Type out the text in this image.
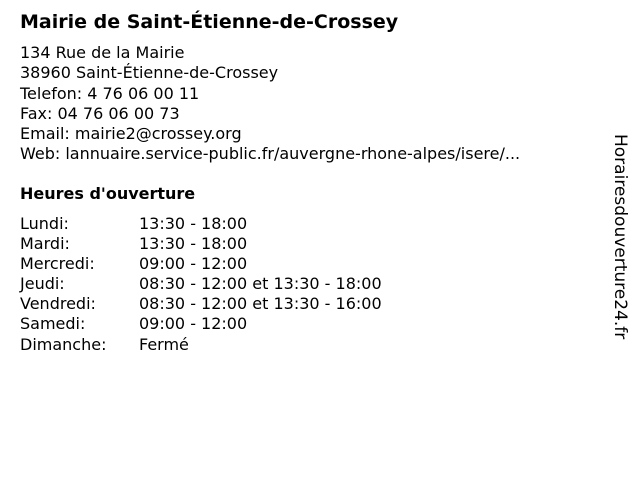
Mairie de Saint-Étienne-de-Crossey
134 Rue de la Mairie
38960 Saint-Étienne-de-Crossey
Telefon: 4 76 06 00 11
Fax: 04 76 06 00 73
Email: mairie2@crossey.org
Web: lannuaire.service-public.fr/auvergne-rhone-alpes/isere/...
Heures d'ouverture
Lundi:	13:30 - 18:00
Mardi:	13:30 - 18:00
Mercredi:	09:00 - 12:00
Jeudi:	08:30 - 12:00 et 13:30 - 18:00
Vendredi:	08:30 - 12:00 et 13:30 - 16:00
Samedi:	09:00 - 12:00
Dimanche: Fermé
Horairesdouverture24.fr
